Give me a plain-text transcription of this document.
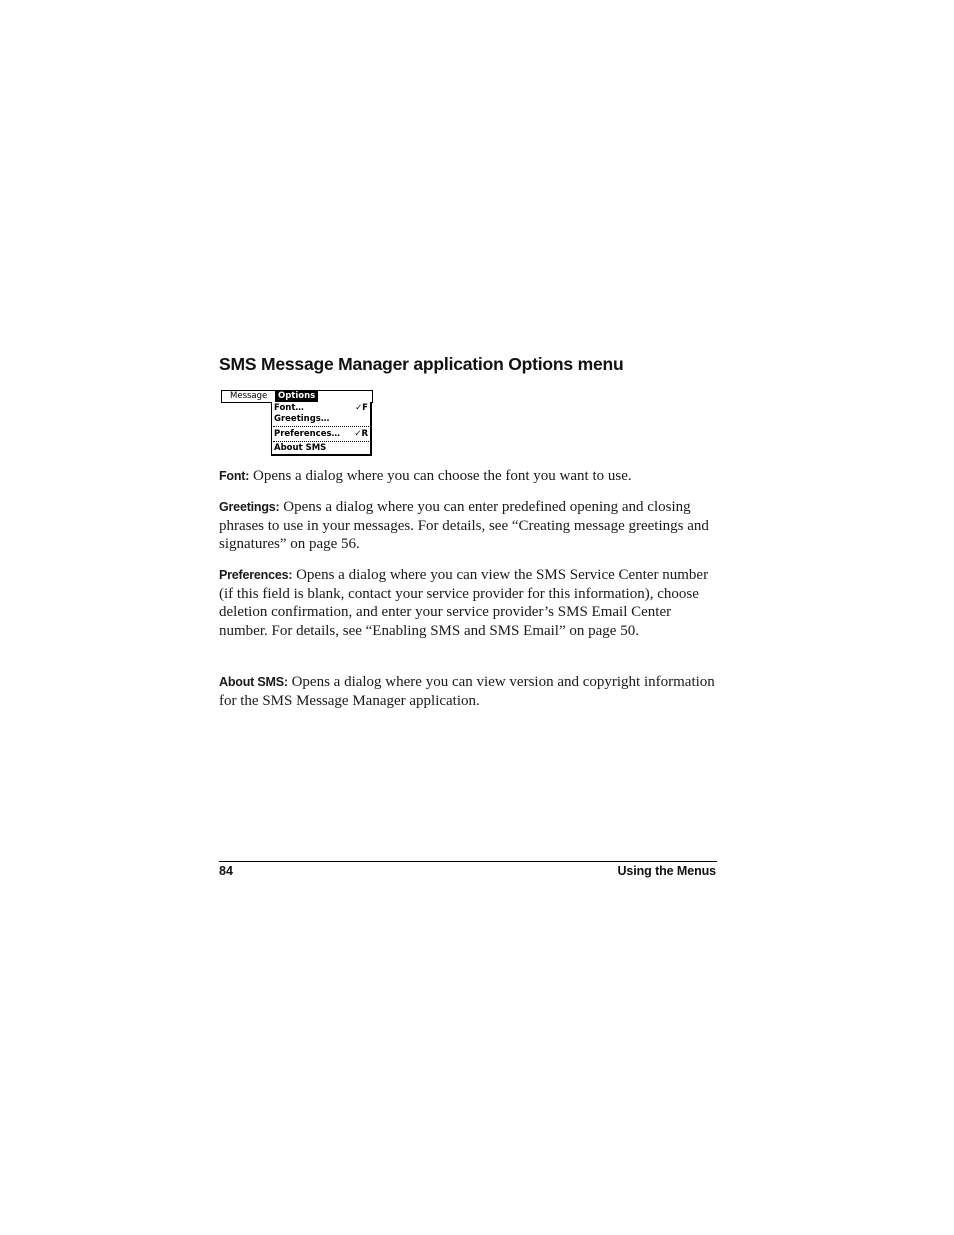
SMS Message Manager application Options menu
Message	Options
Font…	✓F
Greetings…
Preferences… ✓R
About SMS

Font: Opens a dialog where you can choose the font you want to use.

Greetings: Opens a dialog where you can enter predefined opening and closing phrases to use in your messages. For details, see “Creating message greetings and signatures” on page 56.

Preferences: Opens a dialog where you can view the SMS Service Center number (if this field is blank, contact your service provider for this information), choose deletion confirmation, and enter your service provider’s SMS Email Center number. For details, see “Enabling SMS and SMS Email” on page 50.

About SMS: Opens a dialog where you can view version and copyright information for the SMS Message Manager application.

84	Using the Menus
